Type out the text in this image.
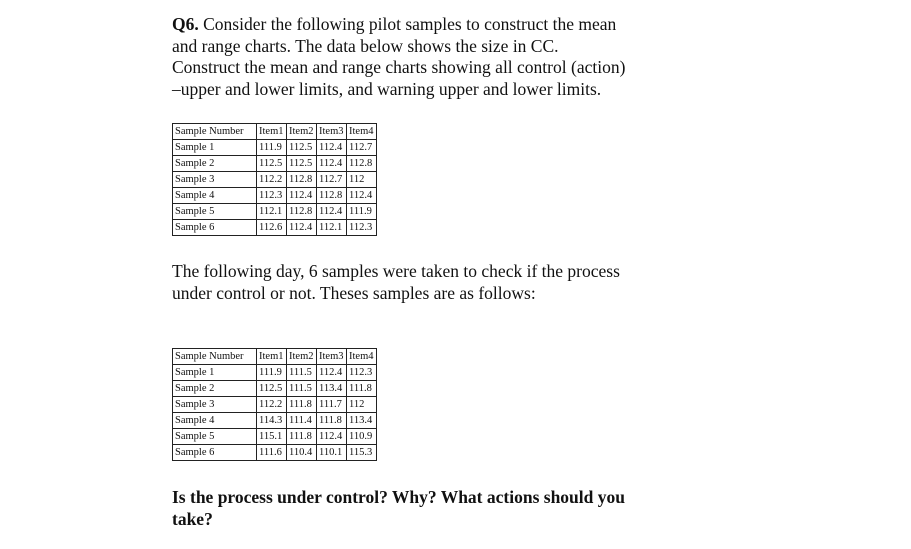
Q6. Consider the following pilot samples to construct the mean
and range charts. The data below shows the size in CC.
Construct the mean and range charts showing all control (action)
–upper and lower limits, and warning upper and lower limits.

Sample Number	Item1	Item2	Item3	Item4
Sample 1	111.9	112.5	112.4	112.7
Sample 2	112.5	112.5	112.4	112.8
Sample 3	112.2	112.8	112.7	112
Sample 4	112.3	112.4	112.8	112.4
Sample 5	112.1	112.8	112.4	111.9
Sample 6	112.6	112.4	112.1	112.3

The following day, 6 samples were taken to check if the process
under control or not. Theses samples are as follows:

Sample Number	Item1	Item2	Item3	Item4
Sample 1	111.9	111.5	112.4	112.3
Sample 2	112.5	111.5	113.4	111.8
Sample 3	112.2	111.8	111.7	112
Sample 4	114.3	111.4	111.8	113.4
Sample 5	115.1	111.8	112.4	110.9
Sample 6	111.6	110.4	110.1	115.3

Is the process under control? Why? What actions should you
take?
